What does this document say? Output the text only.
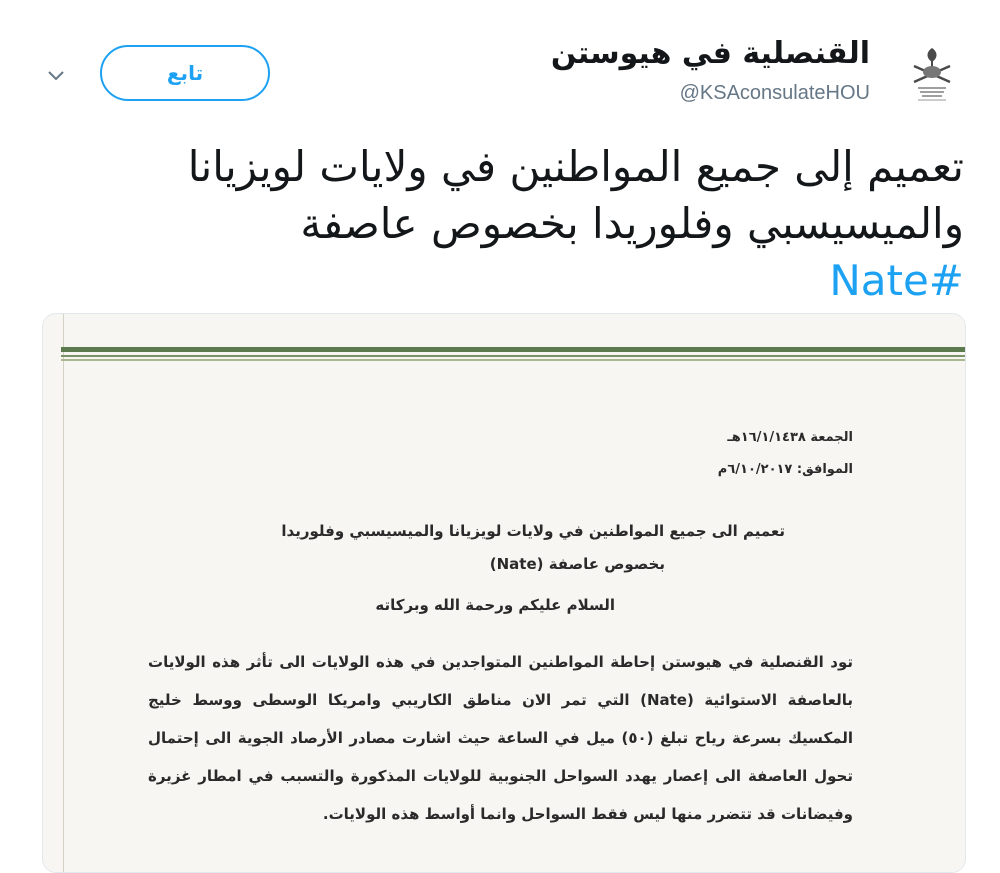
تابع
القنصلية في هيوستن
@KSAconsulateHOU
تعميم إلى جميع المواطنين في ولايات لويزيانا والميسيسبي وفلوريدا بخصوص عاصفة
#Nate
الجمعة ١٦/١/١٤٣٨هـ
الموافق: ٦/١٠/٢٠١٧م
تعميم الى جميع المواطنين في ولايات لويزيانا والميسيسبي وفلوريدا
بخصوص عاصفة (Nate)
السلام عليكم ورحمة الله وبركاته
تود القنصلية في هيوستن إحاطة المواطنين المتواجدين في هذه الولايات الى تأثر هذه الولايات بالعاصفة الاستوائية (Nate) التي تمر الان مناطق الكاريبي وامريكا الوسطى ووسط خليج المكسيك بسرعة رياح تبلغ (٥٠) ميل في الساعة حيث اشارت مصادر الأرصاد الجوية الى إحتمال تحول العاصفة الى إعصار يهدد السواحل الجنوبية للولايات المذكورة والتسبب في امطار غزيرة وفيضانات قد تتضرر منها ليس فقط السواحل وانما أواسط هذه الولايات.
